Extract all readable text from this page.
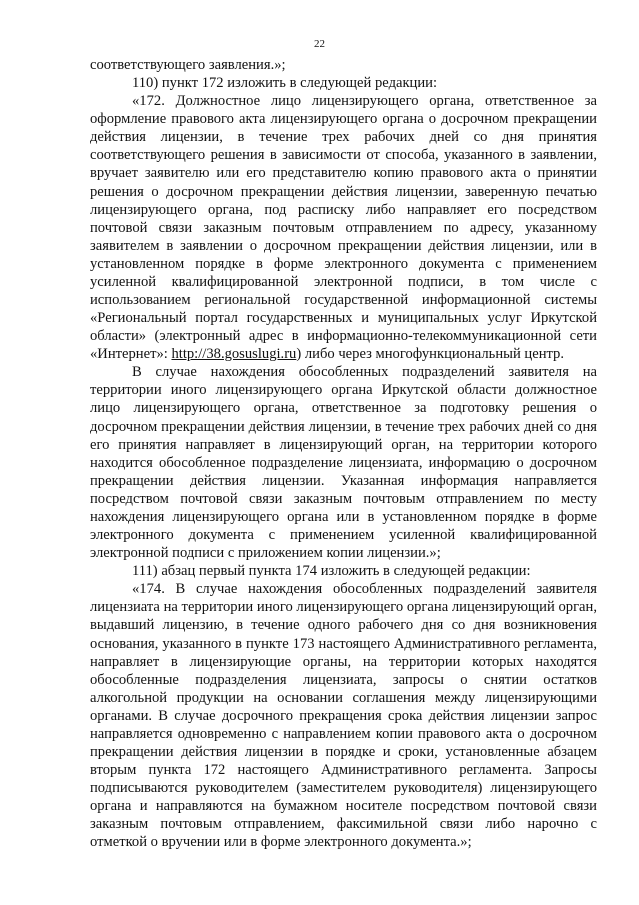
22

соответствующего заявления.»;

110) пункт 172 изложить в следующей редакции:

«172. Должностное лицо лицензирующего органа, ответственное за оформление правового акта лицензирующего органа о досрочном прекращении действия лицензии, в течение трех рабочих дней со дня принятия соответствующего решения в зависимости от способа, указанного в заявлении, вручает заявителю или его представителю копию правового акта о принятии решения о досрочном прекращении действия лицензии, заверенную печатью лицензирующего органа, под расписку либо направляет его посредством почтовой связи заказным почтовым отправлением по адресу, указанному заявителем в заявлении о досрочном прекращении действия лицензии, или в установленном порядке в форме электронного документа с применением усиленной квалифицированной электронной подписи, в том числе с использованием региональной государственной информационной системы «Региональный портал государственных и муниципальных услуг Иркутской области» (электронный адрес в информационно-телекоммуникационной сети «Интернет»: http://38.gosuslugi.ru) либо через многофункциональный центр.

В случае нахождения обособленных подразделений заявителя на территории иного лицензирующего органа Иркутской области должностное лицо лицензирующего органа, ответственное за подготовку решения о досрочном прекращении действия лицензии, в течение трех рабочих дней со дня его принятия направляет в лицензирующий орган, на территории которого находится обособленное подразделение лицензиата, информацию о досрочном прекращении действия лицензии. Указанная информация направляется посредством почтовой связи заказным почтовым отправлением по месту нахождения лицензирующего органа или в установленном порядке в форме электронного документа с применением усиленной квалифицированной электронной подписи с приложением копии лицензии.»;

111) абзац первый пункта 174 изложить в следующей редакции:

«174. В случае нахождения обособленных подразделений заявителя лицензиата на территории иного лицензирующего органа лицензирующий орган, выдавший лицензию, в течение одного рабочего дня со дня возникновения основания, указанного в пункте 173 настоящего Административного регламента, направляет в лицензирующие органы, на территории которых находятся обособленные подразделения лицензиата, запросы о снятии остатков алкогольной продукции на основании соглашения между лицензирующими органами. В случае досрочного прекращения срока действия лицензии запрос направляется одновременно с направлением копии правового акта о досрочном прекращении действия лицензии в порядке и сроки, установленные абзацем вторым пункта 172 настоящего Административного регламента. Запросы подписываются руководителем (заместителем руководителя) лицензирующего органа и направляются на бумажном носителе посредством почтовой связи заказным почтовым отправлением, факсимильной связи либо нарочно с отметкой о вручении или в форме электронного документа.»;
